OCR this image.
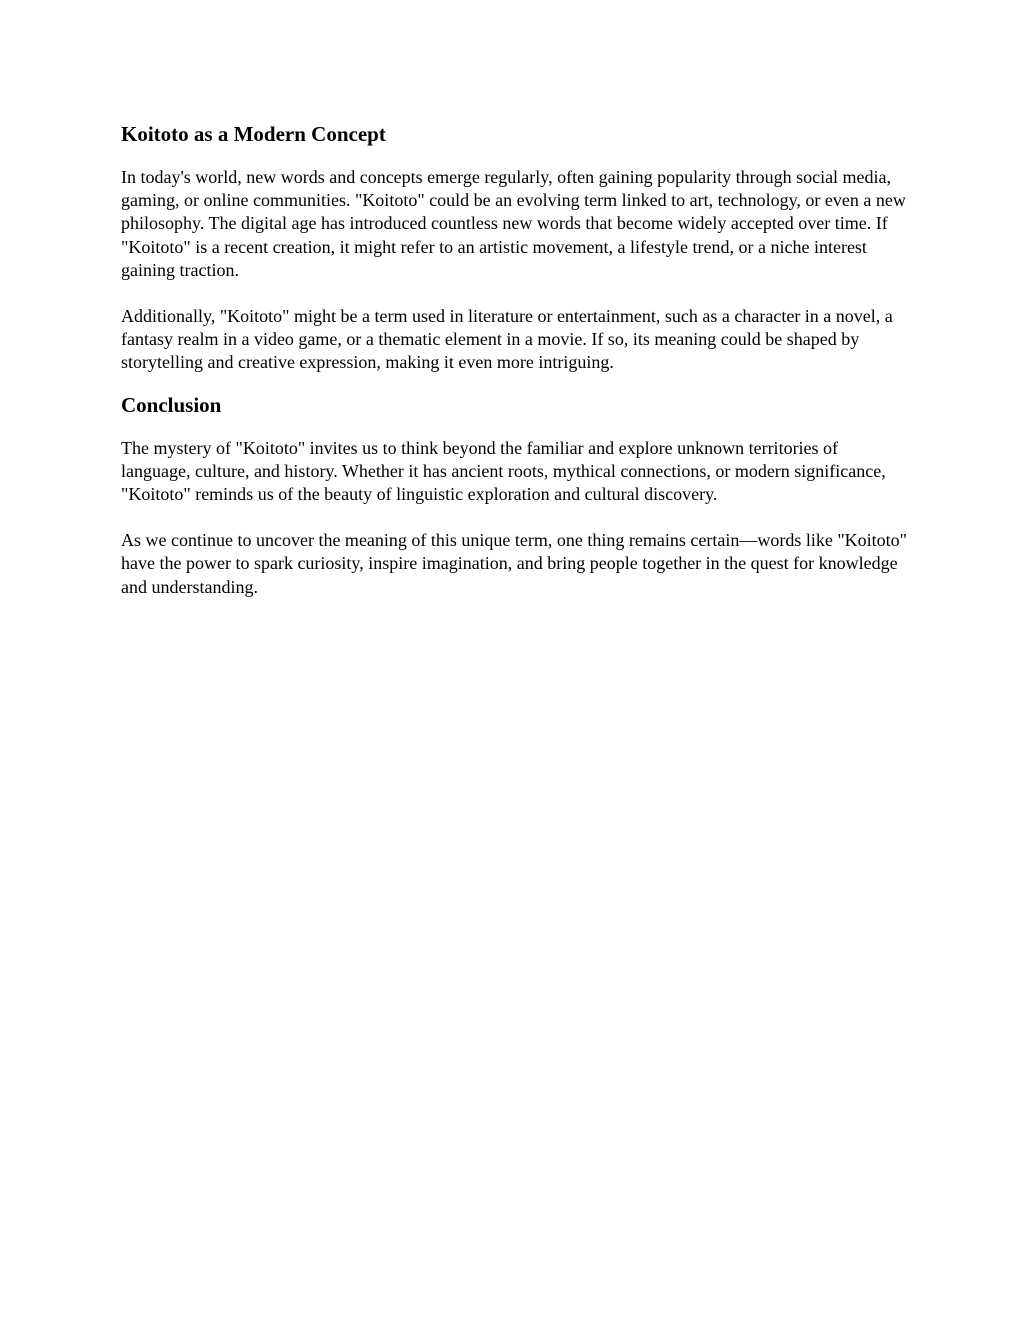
Koitoto as a Modern Concept

In today's world, new words and concepts emerge regularly, often gaining popularity through social media, gaming, or online communities. "Koitoto" could be an evolving term linked to art, technology, or even a new philosophy. The digital age has introduced countless new words that become widely accepted over time. If "Koitoto" is a recent creation, it might refer to an artistic movement, a lifestyle trend, or a niche interest gaining traction.

Additionally, "Koitoto" might be a term used in literature or entertainment, such as a character in a novel, a fantasy realm in a video game, or a thematic element in a movie. If so, its meaning could be shaped by storytelling and creative expression, making it even more intriguing.

Conclusion

The mystery of "Koitoto" invites us to think beyond the familiar and explore unknown territories of language, culture, and history. Whether it has ancient roots, mythical connections, or modern significance, "Koitoto" reminds us of the beauty of linguistic exploration and cultural discovery.

As we continue to uncover the meaning of this unique term, one thing remains certain—words like "Koitoto" have the power to spark curiosity, inspire imagination, and bring people together in the quest for knowledge and understanding.
